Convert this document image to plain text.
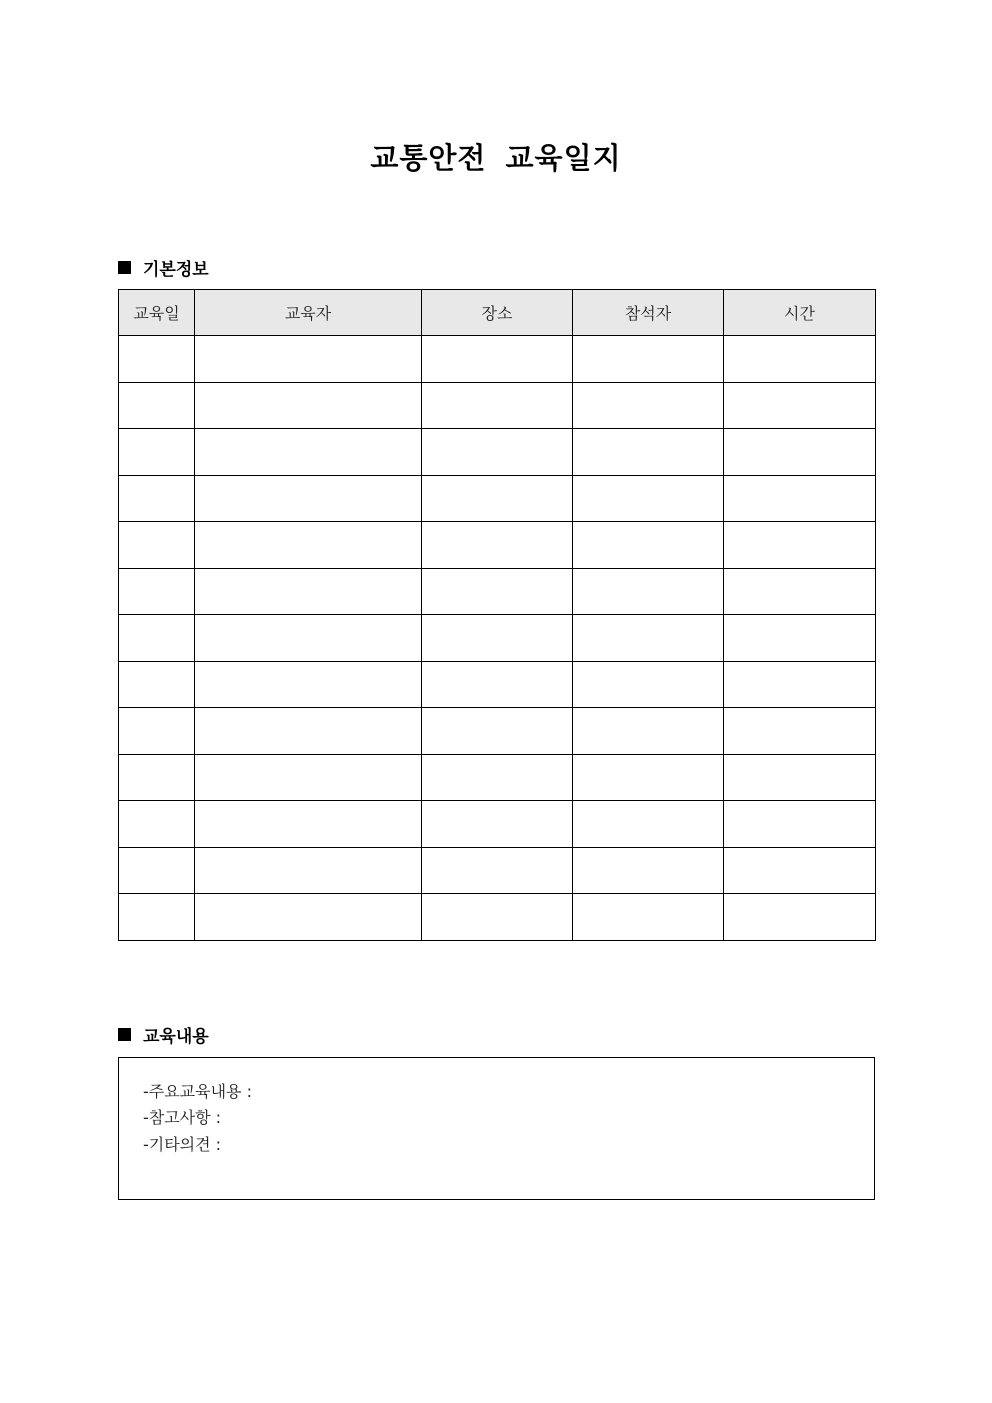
교통안전 교육일지
기본정보
교육일	교육자	장소	참석자	시간

교육내용
-주요교육내용 :
-참고사항 :
-기타의견 :
